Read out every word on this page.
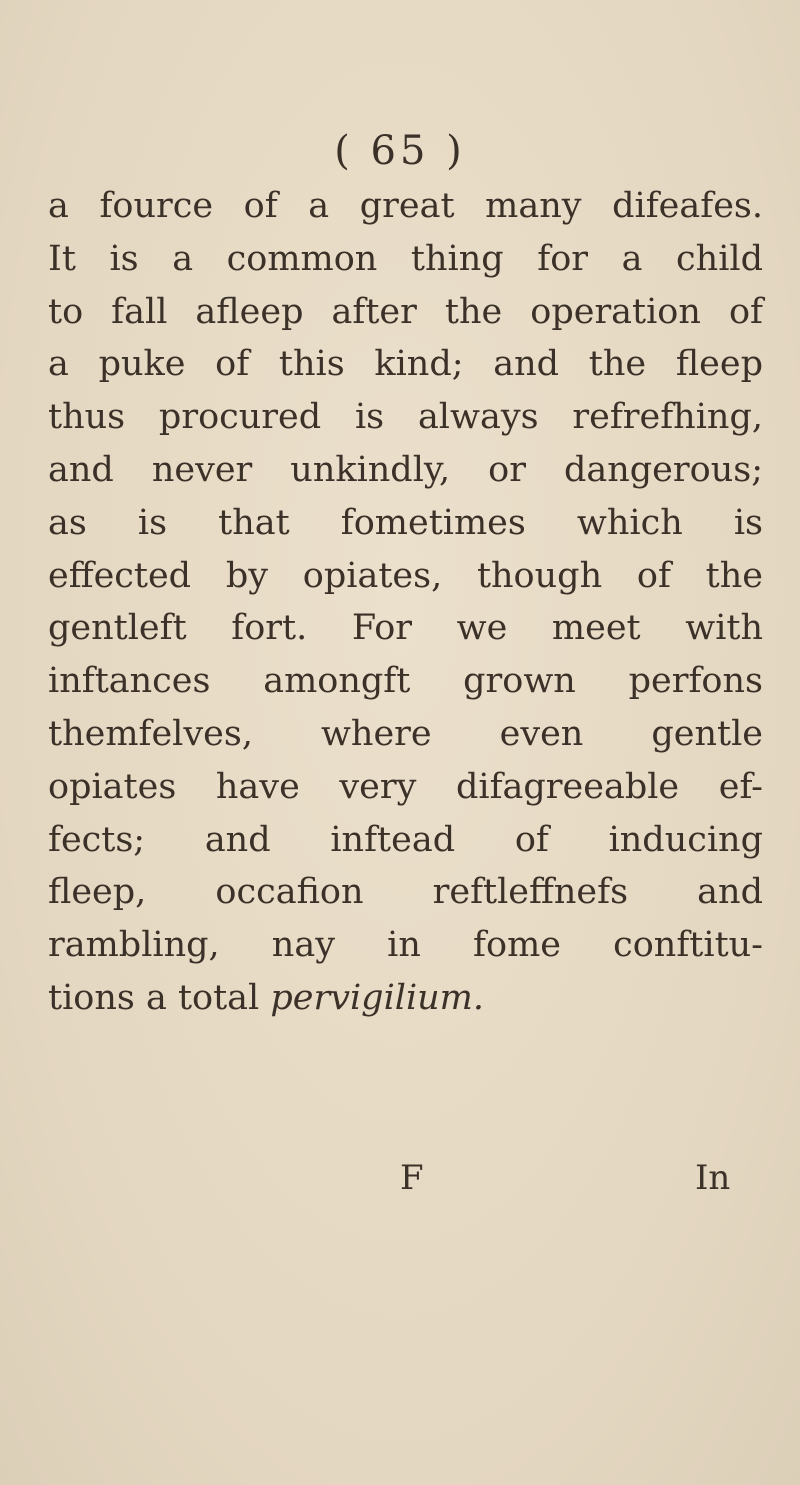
( 65 )
a fource of a great many difeafes.
It is a common thing for a child
to fall afleep after the operation of
a puke of this kind; and the fleep
thus procured is always refrefhing,
and never unkindly, or dangerous;
as is that fometimes which is
effected by opiates, though of the
gentleft fort. For we meet with
inftances amongft grown perfons
themfelves, where even gentle
opiates have very difagreeable ef-
fects; and inftead of inducing
fleep, occafion reftleffnefs and
rambling, nay in fome conftitu-
tions a total pervigilium.
F	In
